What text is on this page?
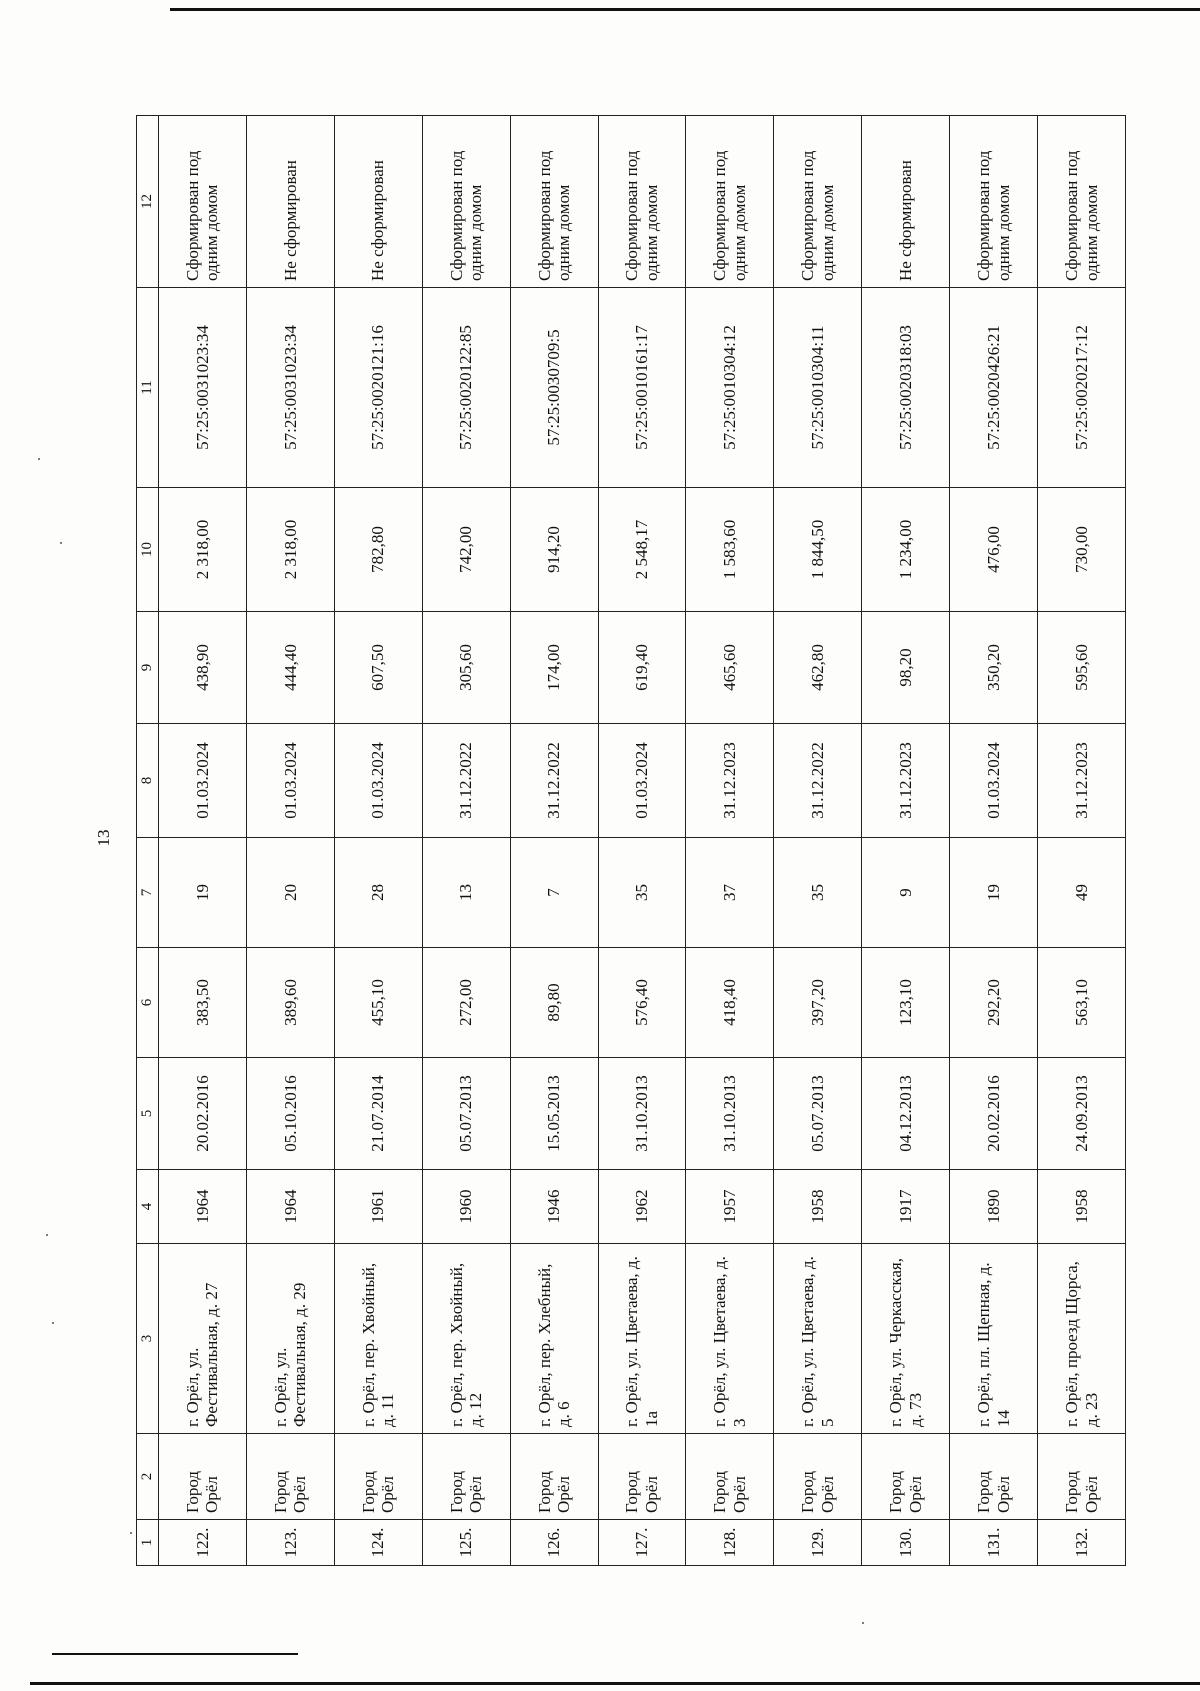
13
1	2	3	4	5	6	7	8	9	10	11	12
122.	Город Орёл	г. Орёл, ул. Фестивальная, д. 27	1964	20.02.2016	383,50	19	01.03.2024	438,90	2 318,00	57:25:0031023:34	Сформирован под одним домом
123.	Город Орёл	г. Орёл, ул. Фестивальная, д. 29	1964	05.10.2016	389,60	20	01.03.2024	444,40	2 318,00	57:25:0031023:34	Не сформирован
124.	Город Орёл	г. Орёл, пер. Хвойный, д. 11	1961	21.07.2014	455,10	28	01.03.2024	607,50	782,80	57:25:0020121:16	Не сформирован
125.	Город Орёл	г. Орёл, пер. Хвойный, д. 12	1960	05.07.2013	272,00	13	31.12.2022	305,60	742,00	57:25:0020122:85	Сформирован под одним домом
126.	Город Орёл	г. Орёл, пер. Хлебный, д. 6	1946	15.05.2013	89,80	7	31.12.2022	174,00	914,20	57:25:0030709:5	Сформирован под одним домом
127.	Город Орёл	г. Орёл, ул. Цветаева, д. 1а	1962	31.10.2013	576,40	35	01.03.2024	619,40	2 548,17	57:25:0010161:17	Сформирован под одним домом
128.	Город Орёл	г. Орёл, ул. Цветаева, д. 3	1957	31.10.2013	418,40	37	31.12.2023	465,60	1 583,60	57:25:0010304:12	Сформирован под одним домом
129.	Город Орёл	г. Орёл, ул. Цветаева, д. 5	1958	05.07.2013	397,20	35	31.12.2022	462,80	1 844,50	57:25:0010304:11	Сформирован под одним домом
130.	Город Орёл	г. Орёл, ул. Черкасская, д. 73	1917	04.12.2013	123,10	9	31.12.2023	98,20	1 234,00	57:25:0020318:03	Не сформирован
131.	Город Орёл	г. Орёл, пл. Щепная, д. 14	1890	20.02.2016	292,20	19	01.03.2024	350,20	476,00	57:25:0020426:21	Сформирован под одним домом
132.	Город Орёл	г. Орёл, проезд Щорса, д. 23	1958	24.09.2013	563,10	49	31.12.2023	595,60	730,00	57:25:0020217:12	Сформирован под одним домом
